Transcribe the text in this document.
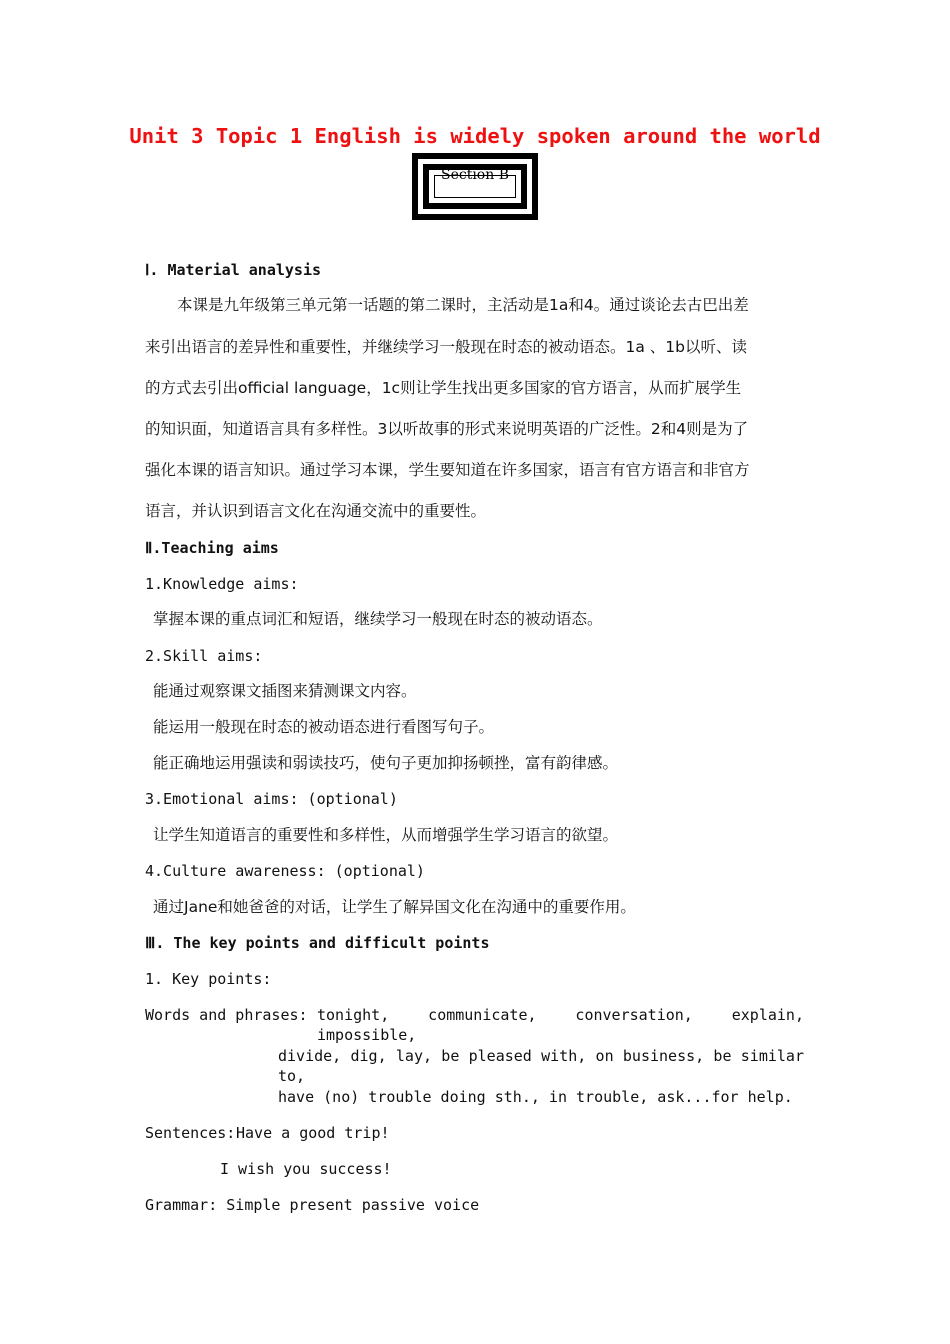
Unit 3 Topic 1 English is widely spoken around the world
Section B
Ⅰ. Material analysis
本课是九年级第三单元第一话题的第二课时，主活动是1a和4。通过谈论去古巴出差
来引出语言的差异性和重要性，并继续学习一般现在时态的被动语态。1a 、1b以听、读
的方式去引出official language，1c则让学生找出更多国家的官方语言，从而扩展学生
的知识面，知道语言具有多样性。3以听故事的形式来说明英语的广泛性。2和4则是为了
强化本课的语言知识。通过学习本课，学生要知道在许多国家，语言有官方语言和非官方
语言，并认识到语言文化在沟通交流中的重要性。
Ⅱ.Teaching aims
1.Knowledge aims:
掌握本课的重点词汇和短语，继续学习一般现在时态的被动语态。
2.Skill aims:
能通过观察课文插图来猜测课文内容。
能运用一般现在时态的被动语态进行看图写句子。
能正确地运用强读和弱读技巧，使句子更加抑扬顿挫，富有韵律感。
3.Emotional aims: (optional)
让学生知道语言的重要性和多样性，从而增强学生学习语言的欲望。
4.Culture awareness: (optional)
通过Jane和她爸爸的对话，让学生了解异国文化在沟通中的重要作用。
Ⅲ. The key points and difficult points
1. Key points:
Words and phrases: tonight, communicate, conversation, explain, impossible,
divide, dig, lay, be pleased with, on business, be similar to,
have (no) trouble doing sth., in trouble, ask...for help.
Sentences: Have a good trip!
I wish you success!
Grammar: Simple present passive voice
